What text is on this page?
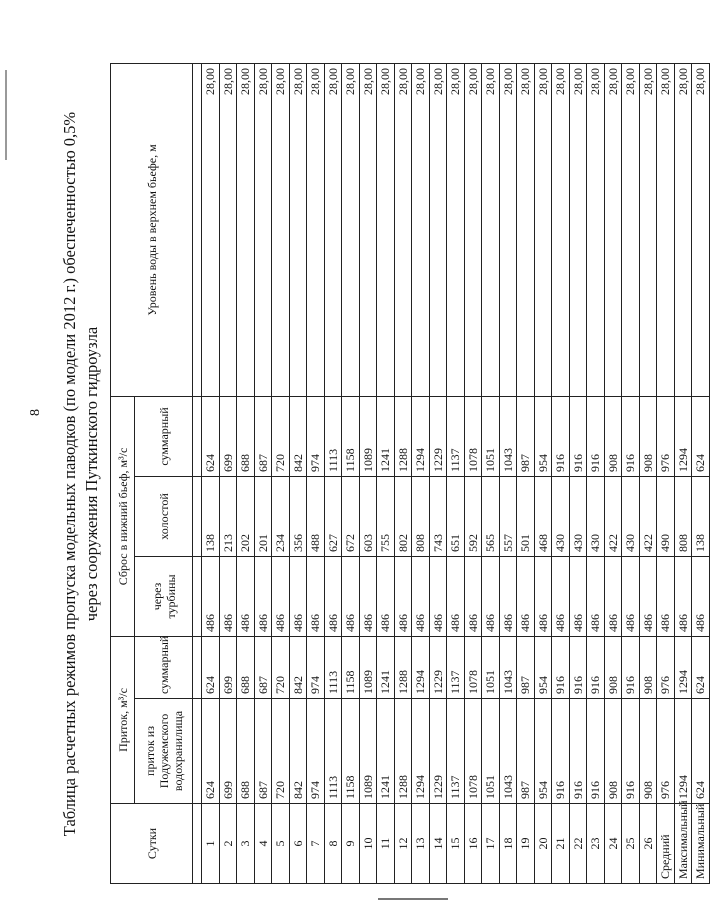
8 Таблица расчетных режимов пропуска модельных паводков (по модели 2012 г.) обеспеченностью 0,5% через сооружения Путкинского гидроузла
Сутки	Приток, м³/с		Сброс в нижний бьеф, м³/с			Уровень воды в верхнем бьефе, м
	приток из Подужемского водохранилища	суммарный	через турбины	холостой	суммарный	

1	624	624	486	138	624	28,00
2	699	699	486	213	699	28,00
3	688	688	486	202	688	28,00
4	687	687	486	201	687	28,00
5	720	720	486	234	720	28,00
6	842	842	486	356	842	28,00
7	974	974	486	488	974	28,00
8	1113	1113	486	627	1113	28,00
9	1158	1158	486	672	1158	28,00
10	1089	1089	486	603	1089	28,00
11	1241	1241	486	755	1241	28,00
12	1288	1288	486	802	1288	28,00
13	1294	1294	486	808	1294	28,00
14	1229	1229	486	743	1229	28,00
15	1137	1137	486	651	1137	28,00
16	1078	1078	486	592	1078	28,00
17	1051	1051	486	565	1051	28,00
18	1043	1043	486	557	1043	28,00
19	987	987	486	501	987	28,00
20	954	954	486	468	954	28,00
21	916	916	486	430	916	28,00
22	916	916	486	430	916	28,00
23	916	916	486	430	916	28,00
24	908	908	486	422	908	28,00
25	916	916	486	430	916	28,00
26	908	908	486	422	908	28,00
Средний	976	976	486	490	976	28,00
Максимальный	1294	1294	486	808	1294	28,00
Минимальный	624	624	486	138	624	28,00
